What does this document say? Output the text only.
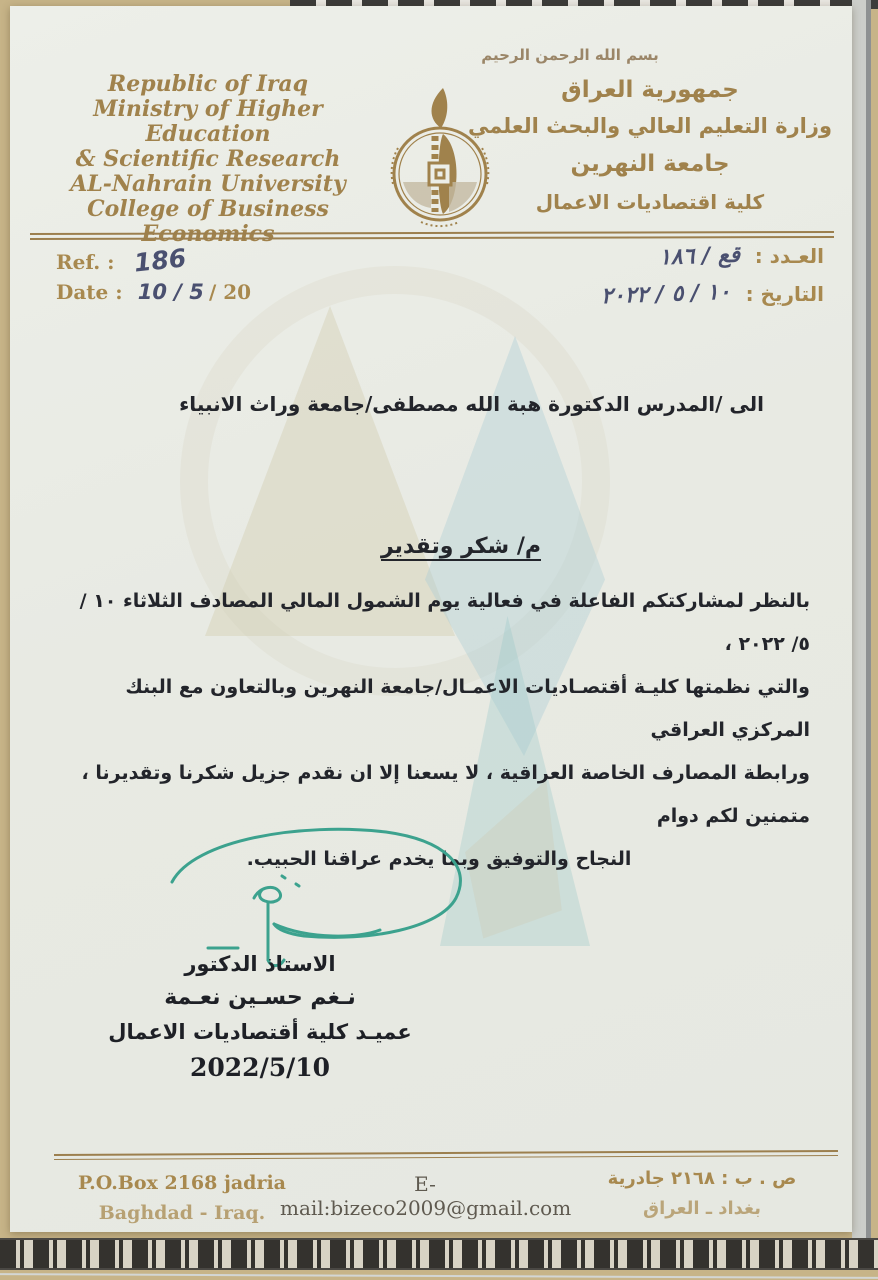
بسم الله الرحمن الرحيم
Republic of Iraq
Ministry of Higher Education
& Scientific Research
AL-Nahrain University
College of Business
Economics
جمهورية العراق
وزارة التعليم العالي والبحث العلمي
جامعة النهرين
كلية اقتصاديات الاعمال
Ref. : 186
Date : 10 / 5 / 20
العـدد : قع / ١٨٦
التاريخ : ١٠ / ٥ / ٢٠٢٢
الى /المدرس الدكتورة هبة الله مصطفى/جامعة وراث الانبياء
م/ شكر وتقدير
بالنظر لمشاركتكم الفاعلة في فعالية يوم الشمول المالي المصادف الثلاثاء ١٠ / ٥/ ٢٠٢٢ ،
والتي نظمتها كليـة أقتصـاديات الاعمـال/جامعة النهرين وبالتعاون مع البنك المركزي العراقي
ورابطة المصارف الخاصة العراقية ، لا يسعنا إلا ان نقدم جزيل شكرنا وتقديرنا ، متمنين لكم دوام
النجاح والتوفيق وبما يخدم عراقنا الحبيب.
الاستاذ الدكتور
نـغم حسـين نعـمة
عميـد كلية أقتصاديات الاعمال
2022/5/10
P.O.Box 2168 jadria
Baghdad - Iraq.
E-mail:bizeco2009@gmail.com
ص . ب : ٢١٦٨ جادرية
بغداد ـ العراق
